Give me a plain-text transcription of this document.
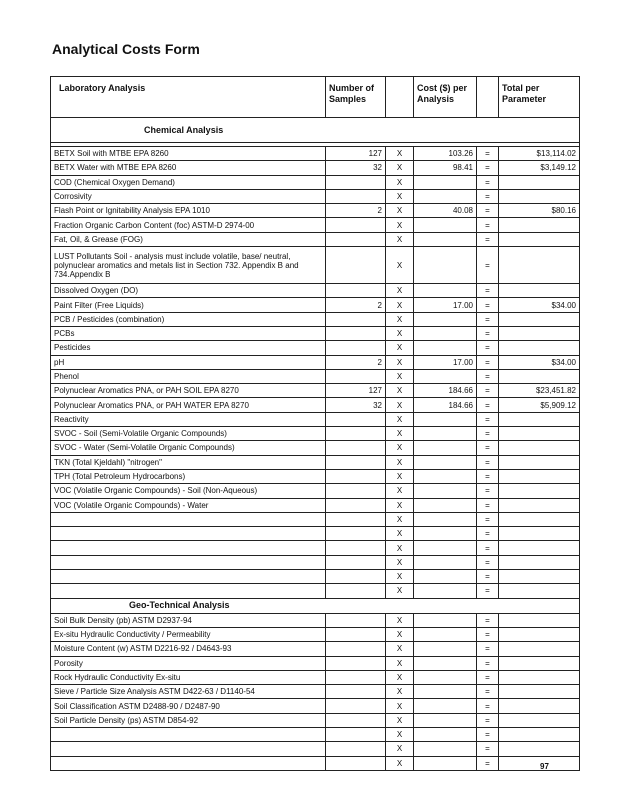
Analytical Costs Form
Laboratory Analysis	Number of Samples		Cost ($) per Analysis		Total per Parameter
Chemical Analysis					

BETX Soil with MTBE EPA 8260	127	X	103.26	=	$13,114.02
BETX Water with MTBE EPA 8260	32	X	98.41	=	$3,149.12
COD (Chemical Oxygen Demand)		X		=	
Corrosivity		X		=	
Flash Point or Ignitability Analysis EPA 1010	2	X	40.08	=	$80.16
Fraction Organic Carbon Content (foc) ASTM-D 2974-00		X		=	
Fat, Oil, & Grease (FOG)		X		=	
LUST Pollutants Soil - analysis must include volatile, base/ neutral, polynuclear aromatics and metals list in Section 732. Appendix B and 734.Appendix B		X		=	
Dissolved Oxygen (DO)		X		=	
Paint Filter (Free Liquids)	2	X	17.00	=	$34.00
PCB / Pesticides (combination)		X		=	
PCBs		X		=	
Pesticides		X		=	
pH	2	X	17.00	=	$34.00
Phenol		X		=	
Polynuclear Aromatics PNA, or PAH SOIL EPA 8270	127	X	184.66	=	$23,451.82
Polynuclear Aromatics PNA, or PAH WATER EPA 8270	32	X	184.66	=	$5,909.12
Reactivity		X		=	
SVOC - Soil (Semi-Volatile Organic Compounds)		X		=	
SVOC - Water (Semi-Volatile Organic Compounds)		X		=	
TKN (Total Kjeldahl) "nitrogen"		X		=	
TPH (Total Petroleum Hydrocarbons)		X		=	
VOC (Volatile Organic Compounds) - Soil (Non-Aqueous)		X		=	
VOC (Volatile Organic Compounds) - Water		X		=	
		X		=	
		X		=	
		X		=	
		X		=	
		X		=	
		X		=	
Geo-Technical Analysis					
Soil Bulk Density (pb) ASTM D2937-94		X		=	
Ex-situ Hydraulic Conductivity / Permeability		X		=	
Moisture Content (w) ASTM D2216-92 / D4643-93		X		=	
Porosity		X		=	
Rock Hydraulic Conductivity Ex-situ		X		=	
Sieve / Particle Size Analysis ASTM D422-63 / D1140-54		X		=	
Soil Classification ASTM D2488-90 / D2487-90		X		=	
Soil Particle Density (ps) ASTM D854-92		X		=	
		X		=	
		X		=	
		X		=		97
